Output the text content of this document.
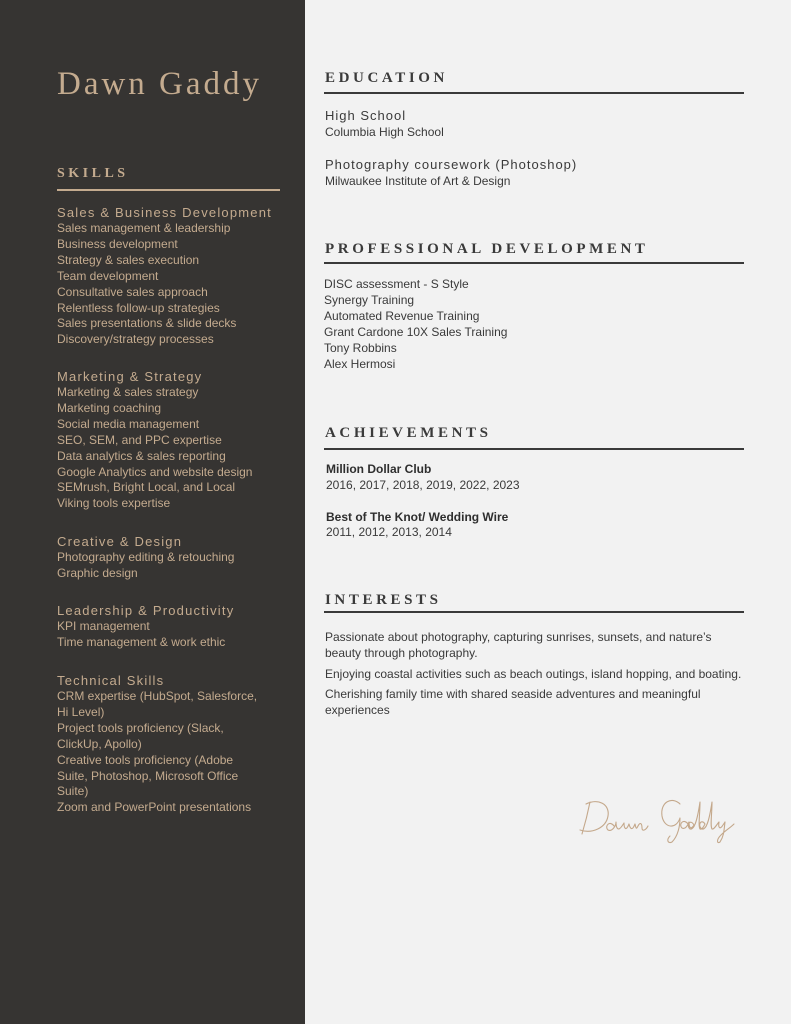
Dawn Gaddy
SKILLS
Sales & Business Development
Sales management & leadership
Business development
Strategy & sales execution
Team development
Consultative sales approach
Relentless follow-up strategies
Sales presentations & slide decks
Discovery/strategy processes
Marketing & Strategy
Marketing & sales strategy
Marketing coaching
Social media management
SEO, SEM, and PPC expertise
Data analytics & sales reporting
Google Analytics and website design
SEMrush, Bright Local, and Local
Viking tools expertise
Creative & Design
Photography editing & retouching
Graphic design
Leadership & Productivity
KPI management
Time management & work ethic
Technical Skills
CRM expertise (HubSpot, Salesforce,
Hi Level)
Project tools proficiency (Slack,
ClickUp, Apollo)
Creative tools proficiency (Adobe
Suite, Photoshop, Microsoft Office
Suite)
Zoom and PowerPoint presentations
EDUCATION
High School
Columbia High School
Photography coursework (Photoshop)
Milwaukee Institute of Art & Design
PROFESSIONAL DEVELOPMENT
DISC assessment - S Style
Synergy Training
Automated Revenue Training
Grant Cardone 10X Sales Training
Tony Robbins
Alex Hermosi
ACHIEVEMENTS
Million Dollar Club
2016, 2017, 2018, 2019, 2022, 2023
Best of The Knot/ Wedding Wire
2011, 2012, 2013, 2014
INTERESTS
Passionate about photography, capturing sunrises, sunsets, and nature’s beauty through photography.
Enjoying coastal activities such as beach outings, island hopping, and boating.
Cherishing family time with shared seaside adventures and meaningful experiences
